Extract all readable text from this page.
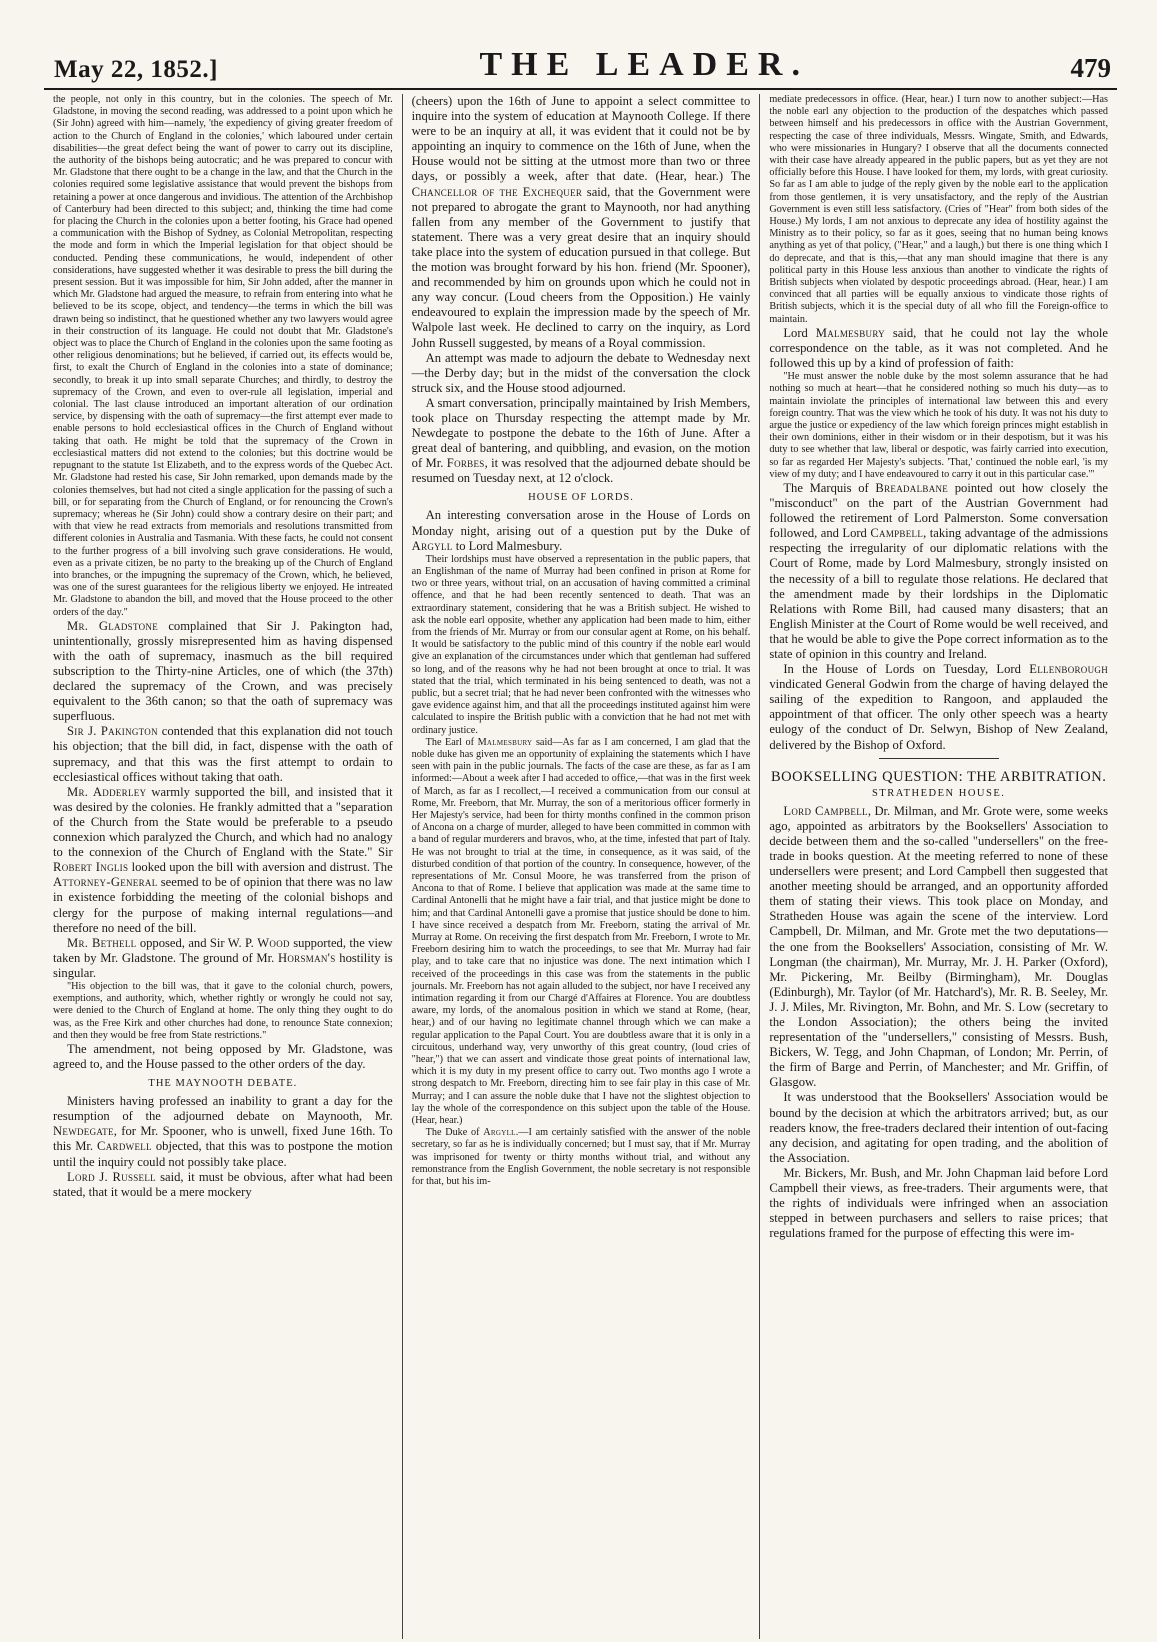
May 22, 1852.]	THE LEADER.	479

the people, not only in this country, but in the colonies. The speech of Mr. Gladstone, in moving the second reading, was addressed to a point upon which he (Sir John) agreed with him—namely, 'the expediency of giving greater freedom of action to the Church of England in the colonies,' which laboured under certain disabilities—the great defect being the want of power to carry out its discipline, the authority of the bishops being autocratic; and he was prepared to concur with Mr. Gladstone that there ought to be a change in the law, and that the Church in the colonies required some legislative assistance that would prevent the bishops from retaining a power at once dangerous and invidious. The attention of the Archbishop of Canterbury had been directed to this subject; and, thinking the time had come for placing the Church in the colonies upon a better footing, his Grace had opened a communication with the Bishop of Sydney, as Colonial Metropolitan, respecting the mode and form in which the Imperial legislation for that object should be conducted. Pending these communications, he would, independent of other considerations, have suggested whether it was desirable to press the bill during the present session. But it was impossible for him, Sir John added, after the manner in which Mr. Gladstone had argued the measure, to refrain from entering into what he believed to be its scope, object, and tendency—the terms in which the bill was drawn being so indistinct, that he questioned whether any two lawyers would agree in their construction of its language. He could not doubt that Mr. Gladstone's object was to place the Church of England in the colonies upon the same footing as other religious denominations; but he believed, if carried out, its effects would be, first, to exalt the Church of England in the colonies into a state of dominance; secondly, to break it up into small separate Churches; and thirdly, to destroy the supremacy of the Crown, and even to over-rule all legislation, imperial and colonial. The last clause introduced an important alteration of our ordination service, by dispensing with the oath of supremacy—the first attempt ever made to enable persons to hold ecclesiastical offices in the Church of England without taking that oath. He might be told that the supremacy of the Crown in ecclesiastical matters did not extend to the colonies; but this doctrine would be repugnant to the statute 1st Elizabeth, and to the express words of the Quebec Act. Mr. Gladstone had rested his case, Sir John remarked, upon demands made by the colonies themselves, but had not cited a single application for the passing of such a bill, or for separating from the Church of England, or for renouncing the Crown's supremacy; whereas he (Sir John) could show a contrary desire on their part; and with that view he read extracts from memorials and resolutions transmitted from different colonies in Australia and Tasmania. With these facts, he could not consent to the further progress of a bill involving such grave considerations. He would, even as a private citizen, be no party to the breaking up of the Church of England into branches, or the impugning the supremacy of the Crown, which, he believed, was one of the surest guarantees for the religious liberty we enjoyed. He intreated Mr. Gladstone to abandon the bill, and moved that the House proceed to the other orders of the day."

Mr. Gladstone complained that Sir J. Pakington had, unintentionally, grossly misrepresented him as having dispensed with the oath of supremacy, inasmuch as the bill required subscription to the Thirty-nine Articles, one of which (the 37th) declared the supremacy of the Crown, and was precisely equivalent to the 36th canon; so that the oath of supremacy was superfluous.

Sir J. Pakington contended that this explanation did not touch his objection; that the bill did, in fact, dispense with the oath of supremacy, and that this was the first attempt to ordain to ecclesiastical offices without taking that oath.

Mr. Adderley warmly supported the bill, and insisted that it was desired by the colonies. He frankly admitted that a "separation of the Church from the State would be preferable to a pseudo connexion which paralyzed the Church, and which had no analogy to the connexion of the Church of England with the State." Sir Robert Inglis looked upon the bill with aversion and distrust. The Attorney-General seemed to be of opinion that there was no law in existence forbidding the meeting of the colonial bishops and clergy for the purpose of making internal regulations—and therefore no need of the bill.

Mr. Bethell opposed, and Sir W. P. Wood supported, the view taken by Mr. Gladstone. The ground of Mr. Horsman's hostility is singular.

"His objection to the bill was, that it gave to the colonial church, powers, exemptions, and authority, which, whether rightly or wrongly he could not say, were denied to the Church of England at home. The only thing they ought to do was, as the Free Kirk and other churches had done, to renounce State connexion; and then they would be free from State restrictions."

The amendment, not being opposed by Mr. Gladstone, was agreed to, and the House passed to the other orders of the day.

THE MAYNOOTH DEBATE.

Ministers having professed an inability to grant a day for the resumption of the adjourned debate on Maynooth, Mr. Newdegate, for Mr. Spooner, who is unwell, fixed June 16th. To this Mr. Cardwell objected, that this was to postpone the motion until the inquiry could not possibly take place.

Lord J. Russell said, it must be obvious, after what had been stated, that it would be a mere mockery

(cheers) upon the 16th of June to appoint a select committee to inquire into the system of education at Maynooth College. If there were to be an inquiry at all, it was evident that it could not be by appointing an inquiry to commence on the 16th of June, when the House would not be sitting at the utmost more than two or three days, or possibly a week, after that date. (Hear, hear.) The Chancellor of the Exchequer said, that the Government were not prepared to abrogate the grant to Maynooth, nor had anything fallen from any member of the Government to justify that statement. There was a very great desire that an inquiry should take place into the system of education pursued in that college. But the motion was brought forward by his hon. friend (Mr. Spooner), and recommended by him on grounds upon which he could not in any way concur. (Loud cheers from the Opposition.) He vainly endeavoured to explain the impression made by the speech of Mr. Walpole last week. He declined to carry on the inquiry, as Lord John Russell suggested, by means of a Royal commission.

An attempt was made to adjourn the debate to Wednesday next—the Derby day; but in the midst of the conversation the clock struck six, and the House stood adjourned.

A smart conversation, principally maintained by Irish Members, took place on Thursday respecting the attempt made by Mr. Newdegate to postpone the debate to the 16th of June. After a great deal of bantering, and quibbling, and evasion, on the motion of Mr. Forbes, it was resolved that the adjourned debate should be resumed on Tuesday next, at 12 o'clock.

HOUSE OF LORDS.

An interesting conversation arose in the House of Lords on Monday night, arising out of a question put by the Duke of Argyll to Lord Malmesbury.

Their lordships must have observed a representation in the public papers, that an Englishman of the name of Murray had been confined in prison at Rome for two or three years, without trial, on an accusation of having committed a criminal offence, and that he had been recently sentenced to death. That was an extraordinary statement, considering that he was a British subject. He wished to ask the noble earl opposite, whether any application had been made to him, either from the friends of Mr. Murray or from our consular agent at Rome, on his behalf. It would be satisfactory to the public mind of this country if the noble earl would give an explanation of the circumstances under which that gentleman had suffered so long, and of the reasons why he had not been brought at once to trial. It was stated that the trial, which terminated in his being sentenced to death, was not a public, but a secret trial; that he had never been confronted with the witnesses who gave evidence against him, and that all the proceedings instituted against him were calculated to inspire the British public with a conviction that he had not met with ordinary justice.

The Earl of Malmesbury said—As far as I am concerned, I am glad that the noble duke has given me an opportunity of explaining the statements which I have seen with pain in the public journals. The facts of the case are these, as far as I am informed:—About a week after I had acceded to office,—that was in the first week of March, as far as I recollect,—I received a communication from our consul at Rome, Mr. Freeborn, that Mr. Murray, the son of a meritorious officer formerly in Her Majesty's service, had been for thirty months confined in the common prison of Ancona on a charge of murder, alleged to have been committed in common with a band of regular murderers and bravos, who, at the time, infested that part of Italy. He was not brought to trial at the time, in consequence, as it was said, of the disturbed condition of that portion of the country. In consequence, however, of the representations of Mr. Consul Moore, he was transferred from the prison of Ancona to that of Rome. I believe that application was made at the same time to Cardinal Antonelli that he might have a fair trial, and that justice might be done to him; and that Cardinal Antonelli gave a promise that justice should be done to him. I have since received a despatch from Mr. Freeborn, stating the arrival of Mr. Murray at Rome. On receiving the first despatch from Mr. Freeborn, I wrote to Mr. Freeborn desiring him to watch the proceedings, to see that Mr. Murray had fair play, and to take care that no injustice was done. The next intimation which I received of the proceedings in this case was from the statements in the public journals. Mr. Freeborn has not again alluded to the subject, nor have I received any intimation regarding it from our Chargé d'Affaires at Florence. You are doubtless aware, my lords, of the anomalous position in which we stand at Rome, (hear, hear,) and of our having no legitimate channel through which we can make a regular application to the Papal Court. You are doubtless aware that it is only in a circuitous, underhand way, very unworthy of this great country, (loud cries of "hear,") that we can assert and vindicate those great points of international law, which it is my duty in my present office to carry out. Two months ago I wrote a strong despatch to Mr. Freeborn, directing him to see fair play in this case of Mr. Murray; and I can assure the noble duke that I have not the slightest objection to lay the whole of the correspondence on this subject upon the table of the House. (Hear, hear.)

The Duke of Argyll.—I am certainly satisfied with the answer of the noble secretary, so far as he is individually concerned; but I must say, that if Mr. Murray was imprisoned for twenty or thirty months without trial, and without any remonstrance from the English Government, the noble secretary is not responsible for that, but his im-

mediate predecessors in office. (Hear, hear.) I turn now to another subject:—Has the noble earl any objection to the production of the despatches which passed between himself and his predecessors in office with the Austrian Government, respecting the case of three individuals, Messrs. Wingate, Smith, and Edwards, who were missionaries in Hungary? I observe that all the documents connected with their case have already appeared in the public papers, but as yet they are not officially before this House. I have looked for them, my lords, with great curiosity. So far as I am able to judge of the reply given by the noble earl to the application from those gentlemen, it is very unsatisfactory, and the reply of the Austrian Government is even still less satisfactory. (Cries of "Hear" from both sides of the House.) My lords, I am not anxious to deprecate any idea of hostility against the Ministry as to their policy, so far as it goes, seeing that no human being knows anything as yet of that policy, ("Hear," and a laugh,) but there is one thing which I do deprecate, and that is this,—that any man should imagine that there is any political party in this House less anxious than another to vindicate the rights of British subjects when violated by despotic proceedings abroad. (Hear, hear.) I am convinced that all parties will be equally anxious to vindicate those rights of British subjects, which it is the special duty of all who fill the Foreign-office to maintain.

Lord Malmesbury said, that he could not lay the whole correspondence on the table, as it was not completed. And he followed this up by a kind of profession of faith:

"He must answer the noble duke by the most solemn assurance that he had nothing so much at heart—that he considered nothing so much his duty—as to maintain inviolate the principles of international law between this and every foreign country. That was the view which he took of his duty. It was not his duty to argue the justice or expediency of the law which foreign princes might establish in their own dominions, either in their wisdom or in their despotism, but it was his duty to see whether that law, liberal or despotic, was fairly carried into execution, so far as regarded Her Majesty's subjects. 'That,' continued the noble earl, 'is my view of my duty; and I have endeavoured to carry it out in this particular case.'"

The Marquis of Breadalbane pointed out how closely the "misconduct" on the part of the Austrian Government had followed the retirement of Lord Palmerston. Some conversation followed, and Lord Campbell, taking advantage of the admissions respecting the irregularity of our diplomatic relations with the Court of Rome, made by Lord Malmesbury, strongly insisted on the necessity of a bill to regulate those relations. He declared that the amendment made by their lordships in the Diplomatic Relations with Rome Bill, had caused many disasters; that an English Minister at the Court of Rome would be well received, and that he would be able to give the Pope correct information as to the state of opinion in this country and Ireland.

In the House of Lords on Tuesday, Lord Ellenborough vindicated General Godwin from the charge of having delayed the sailing of the expedition to Rangoon, and applauded the appointment of that officer. The only other speech was a hearty eulogy of the conduct of Dr. Selwyn, Bishop of New Zealand, delivered by the Bishop of Oxford.

BOOKSELLING QUESTION: THE ARBITRATION.
STRATHEDEN HOUSE.

Lord Campbell, Dr. Milman, and Mr. Grote were, some weeks ago, appointed as arbitrators by the Booksellers' Association to decide between them and the so-called "undersellers" on the free-trade in books question. At the meeting referred to none of these undersellers were present; and Lord Campbell then suggested that another meeting should be arranged, and an opportunity afforded them of stating their views. This took place on Monday, and Stratheden House was again the scene of the interview. Lord Campbell, Dr. Milman, and Mr. Grote met the two deputations—the one from the Booksellers' Association, consisting of Mr. W. Longman (the chairman), Mr. Murray, Mr. J. H. Parker (Oxford), Mr. Pickering, Mr. Beilby (Birmingham), Mr. Douglas (Edinburgh), Mr. Taylor (of Mr. Hatchard's), Mr. R. B. Seeley, Mr. J. J. Miles, Mr. Rivington, Mr. Bohn, and Mr. S. Low (secretary to the London Association); the others being the invited representation of the "undersellers," consisting of Messrs. Bush, Bickers, W. Tegg, and John Chapman, of London; Mr. Perrin, of the firm of Barge and Perrin, of Manchester; and Mr. Griffin, of Glasgow.

It was understood that the Booksellers' Association would be bound by the decision at which the arbitrators arrived; but, as our readers know, the free-traders declared their intention of out-facing any decision, and agitating for open trading, and the abolition of the Association.

Mr. Bickers, Mr. Bush, and Mr. John Chapman laid before Lord Campbell their views, as free-traders. Their arguments were, that the rights of individuals were infringed when an association stepped in between purchasers and sellers to raise prices; that regulations framed for the purpose of effecting this were im-
